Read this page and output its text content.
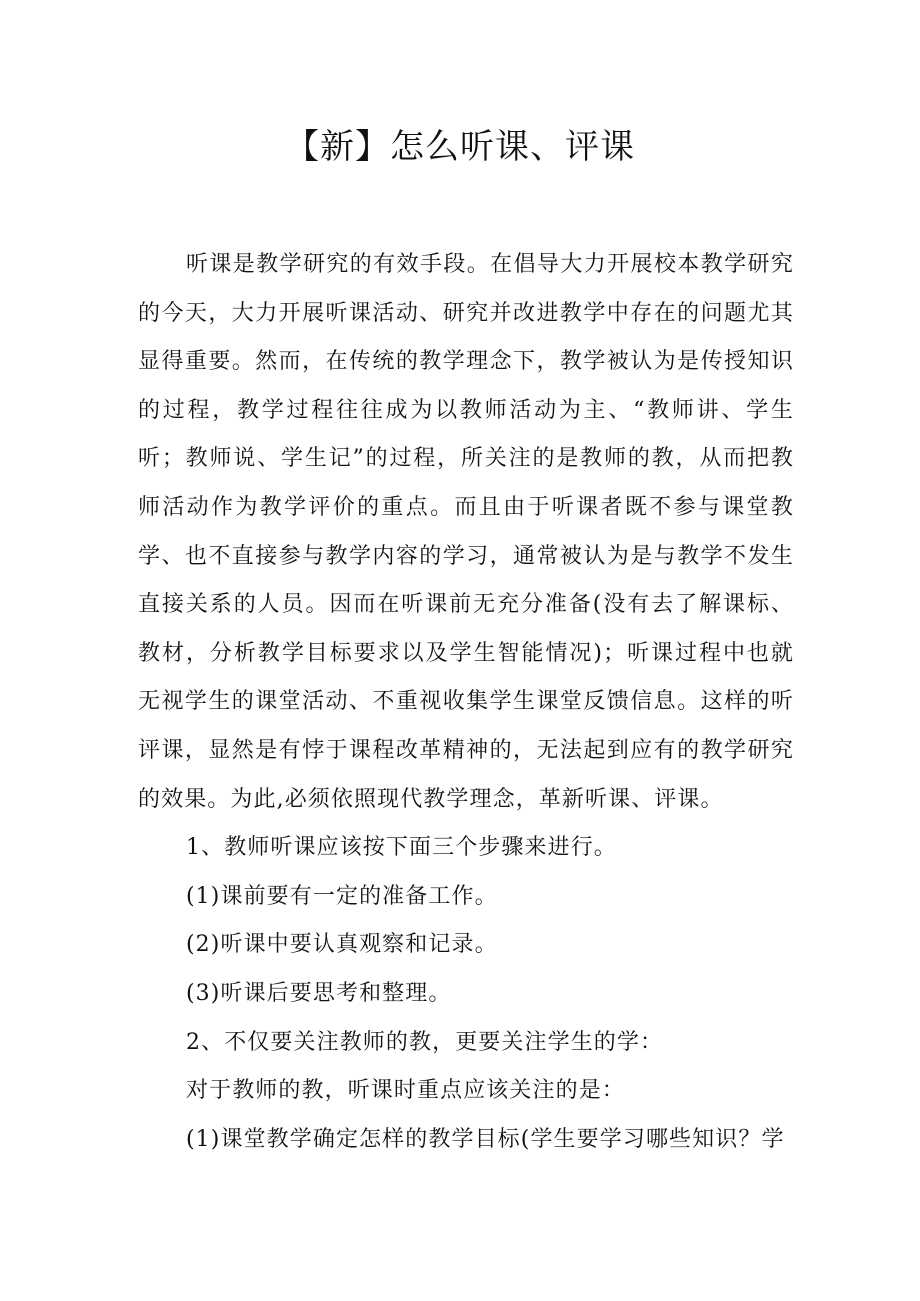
【新】怎么听课、评课

听课是教学研究的有效手段。在倡导大力开展校本教学研究的今天，大力开展听课活动、研究并改进教学中存在的问题尤其显得重要。然而，在传统的教学理念下，教学被认为是传授知识的过程，教学过程往往成为以教师活动为主、“教师讲、学生听；教师说、学生记”的过程，所关注的是教师的教，从而把教师活动作为教学评价的重点。而且由于听课者既不参与课堂教学、也不直接参与教学内容的学习，通常被认为是与教学不发生直接关系的人员。因而在听课前无充分准备(没有去了解课标、教材，分析教学目标要求以及学生智能情况)；听课过程中也就无视学生的课堂活动、不重视收集学生课堂反馈信息。这样的听评课，显然是有悖于课程改革精神的，无法起到应有的教学研究的效果。为此,必须依照现代教学理念，革新听课、评课。

1、教师听课应该按下面三个步骤来进行。

(1)课前要有一定的准备工作。

(2)听课中要认真观察和记录。

(3)听课后要思考和整理。

2、不仅要关注教师的教，更要关注学生的学：

对于教师的教，听课时重点应该关注的是：

(1)课堂教学确定怎样的教学目标(学生要学习哪些知识？学
